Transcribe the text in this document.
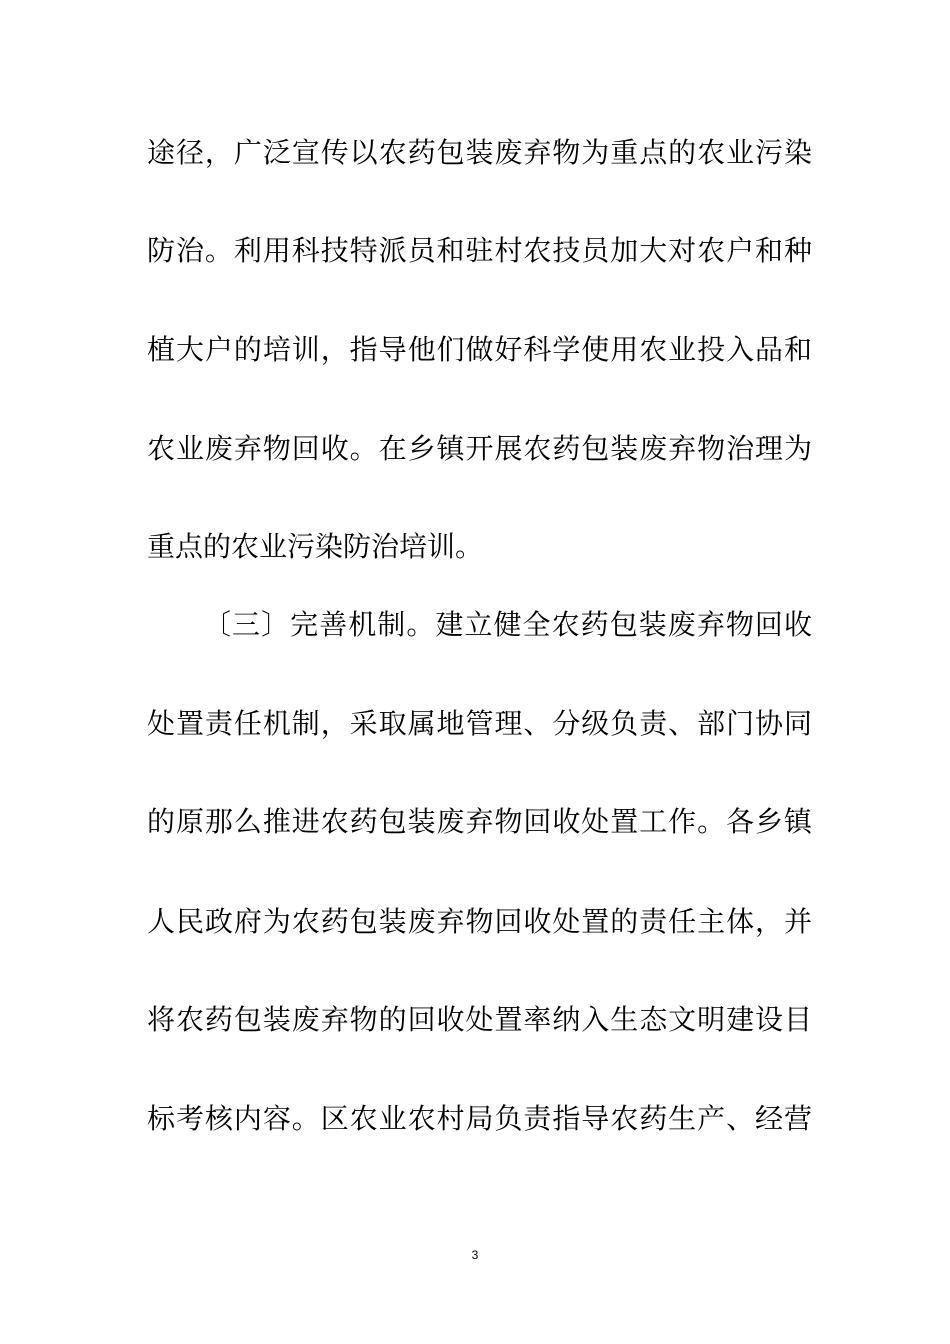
途径，广泛宣传以农药包装废弃物为重点的农业污染
防治。利用科技特派员和驻村农技员加大对农户和种
植大户的培训，指导他们做好科学使用农业投入品和
农业废弃物回收。在乡镇开展农药包装废弃物治理为
重点的农业污染防治培训。
〔三〕完善机制。建立健全农药包装废弃物回收
处置责任机制，采取属地管理、分级负责、部门协同
的原那么推进农药包装废弃物回收处置工作。各乡镇
人民政府为农药包装废弃物回收处置的责任主体，并
将农药包装废弃物的回收处置率纳入生态文明建设目
标考核内容。区农业农村局负责指导农药生产、经营
3
